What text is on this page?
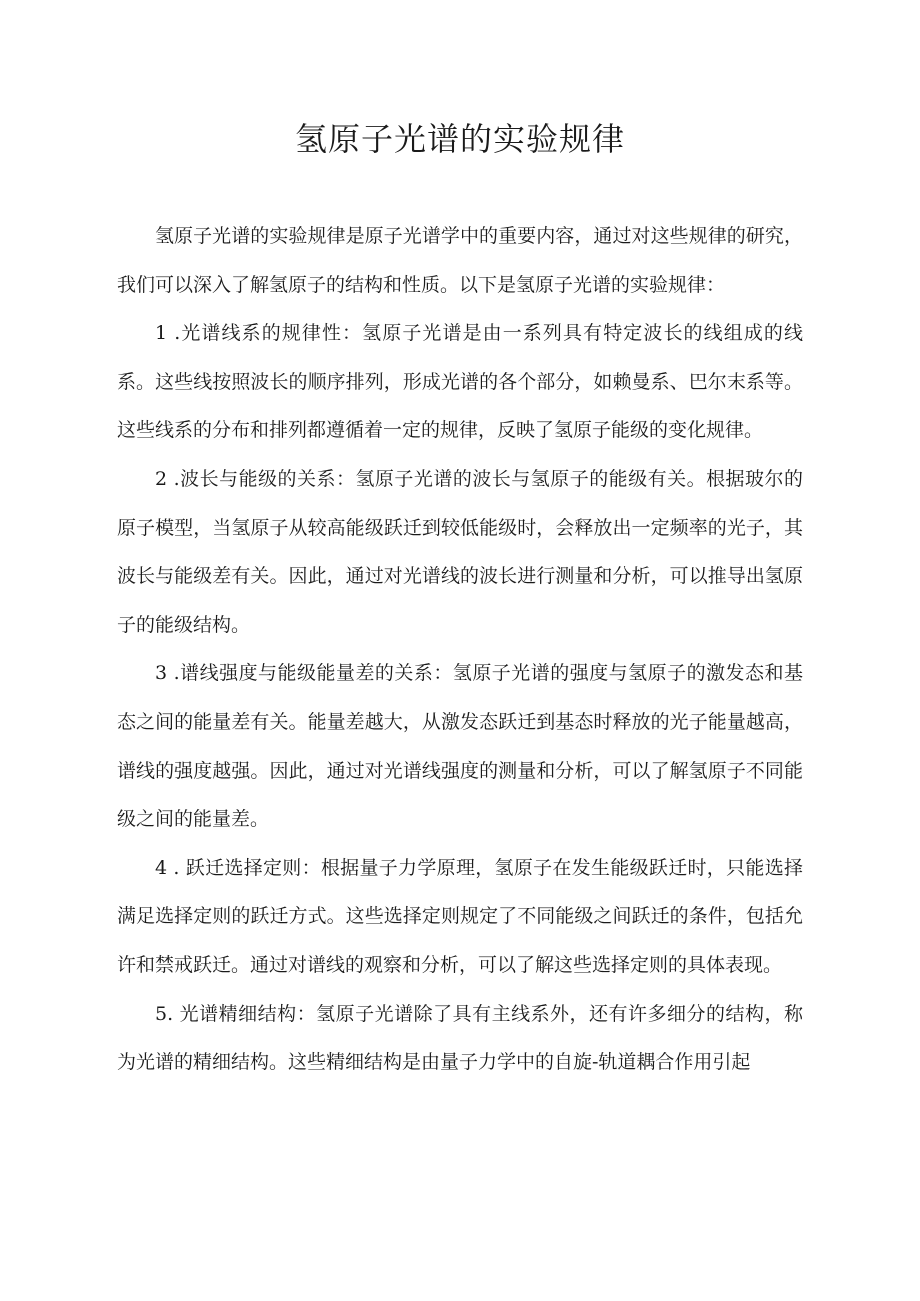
氢原子光谱的实验规律

氢原子光谱的实验规律是原子光谱学中的重要内容，通过对这些规律的研究，我们可以深入了解氢原子的结构和性质。以下是氢原子光谱的实验规律：

1 .光谱线系的规律性：氢原子光谱是由一系列具有特定波长的线组成的线系。这些线按照波长的顺序排列，形成光谱的各个部分，如赖曼系、巴尔末系等。这些线系的分布和排列都遵循着一定的规律，反映了氢原子能级的变化规律。

2 .波长与能级的关系：氢原子光谱的波长与氢原子的能级有关。根据玻尔的原子模型，当氢原子从较高能级跃迁到较低能级时，会释放出一定频率的光子，其波长与能级差有关。因此，通过对光谱线的波长进行测量和分析，可以推导出氢原子的能级结构。

3 .谱线强度与能级能量差的关系：氢原子光谱的强度与氢原子的激发态和基态之间的能量差有关。能量差越大，从激发态跃迁到基态时释放的光子能量越高，谱线的强度越强。因此，通过对光谱线强度的测量和分析，可以了解氢原子不同能级之间的能量差。

4 . 跃迁选择定则：根据量子力学原理，氢原子在发生能级跃迁时，只能选择满足选择定则的跃迁方式。这些选择定则规定了不同能级之间跃迁的条件，包括允许和禁戒跃迁。通过对谱线的观察和分析，可以了解这些选择定则的具体表现。

5. 光谱精细结构：氢原子光谱除了具有主线系外，还有许多细分的结构，称为光谱的精细结构。这些精细结构是由量子力学中的自旋-轨道耦合作用引起
